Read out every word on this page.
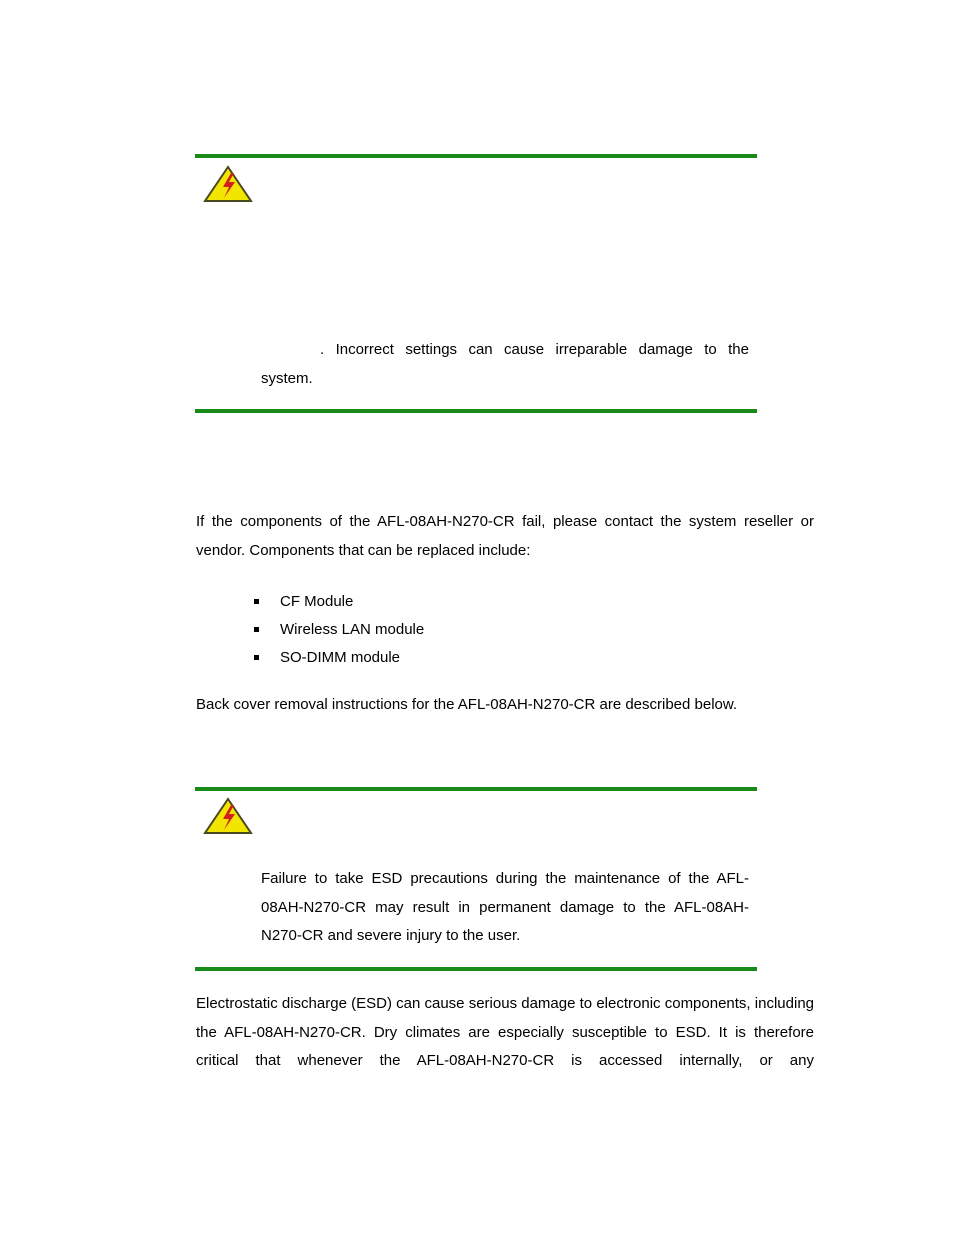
. Incorrect settings can cause irreparable damage to the
system.

If the components of the AFL-08AH-N270-CR fail, please contact the system reseller or vendor. Components that can be replaced include:

CF Module
Wireless LAN module
SO-DIMM module

Back cover removal instructions for the AFL-08AH-N270-CR are described below.

Failure to take ESD precautions during the maintenance of the AFL-08AH-N270-CR may result in permanent damage to the AFL-08AH-N270-CR and severe injury to the user.

Electrostatic discharge (ESD) can cause serious damage to electronic components, including the AFL-08AH-N270-CR. Dry climates are especially susceptible to ESD. It is therefore critical that whenever the AFL-08AH-N270-CR is accessed internally, or any
